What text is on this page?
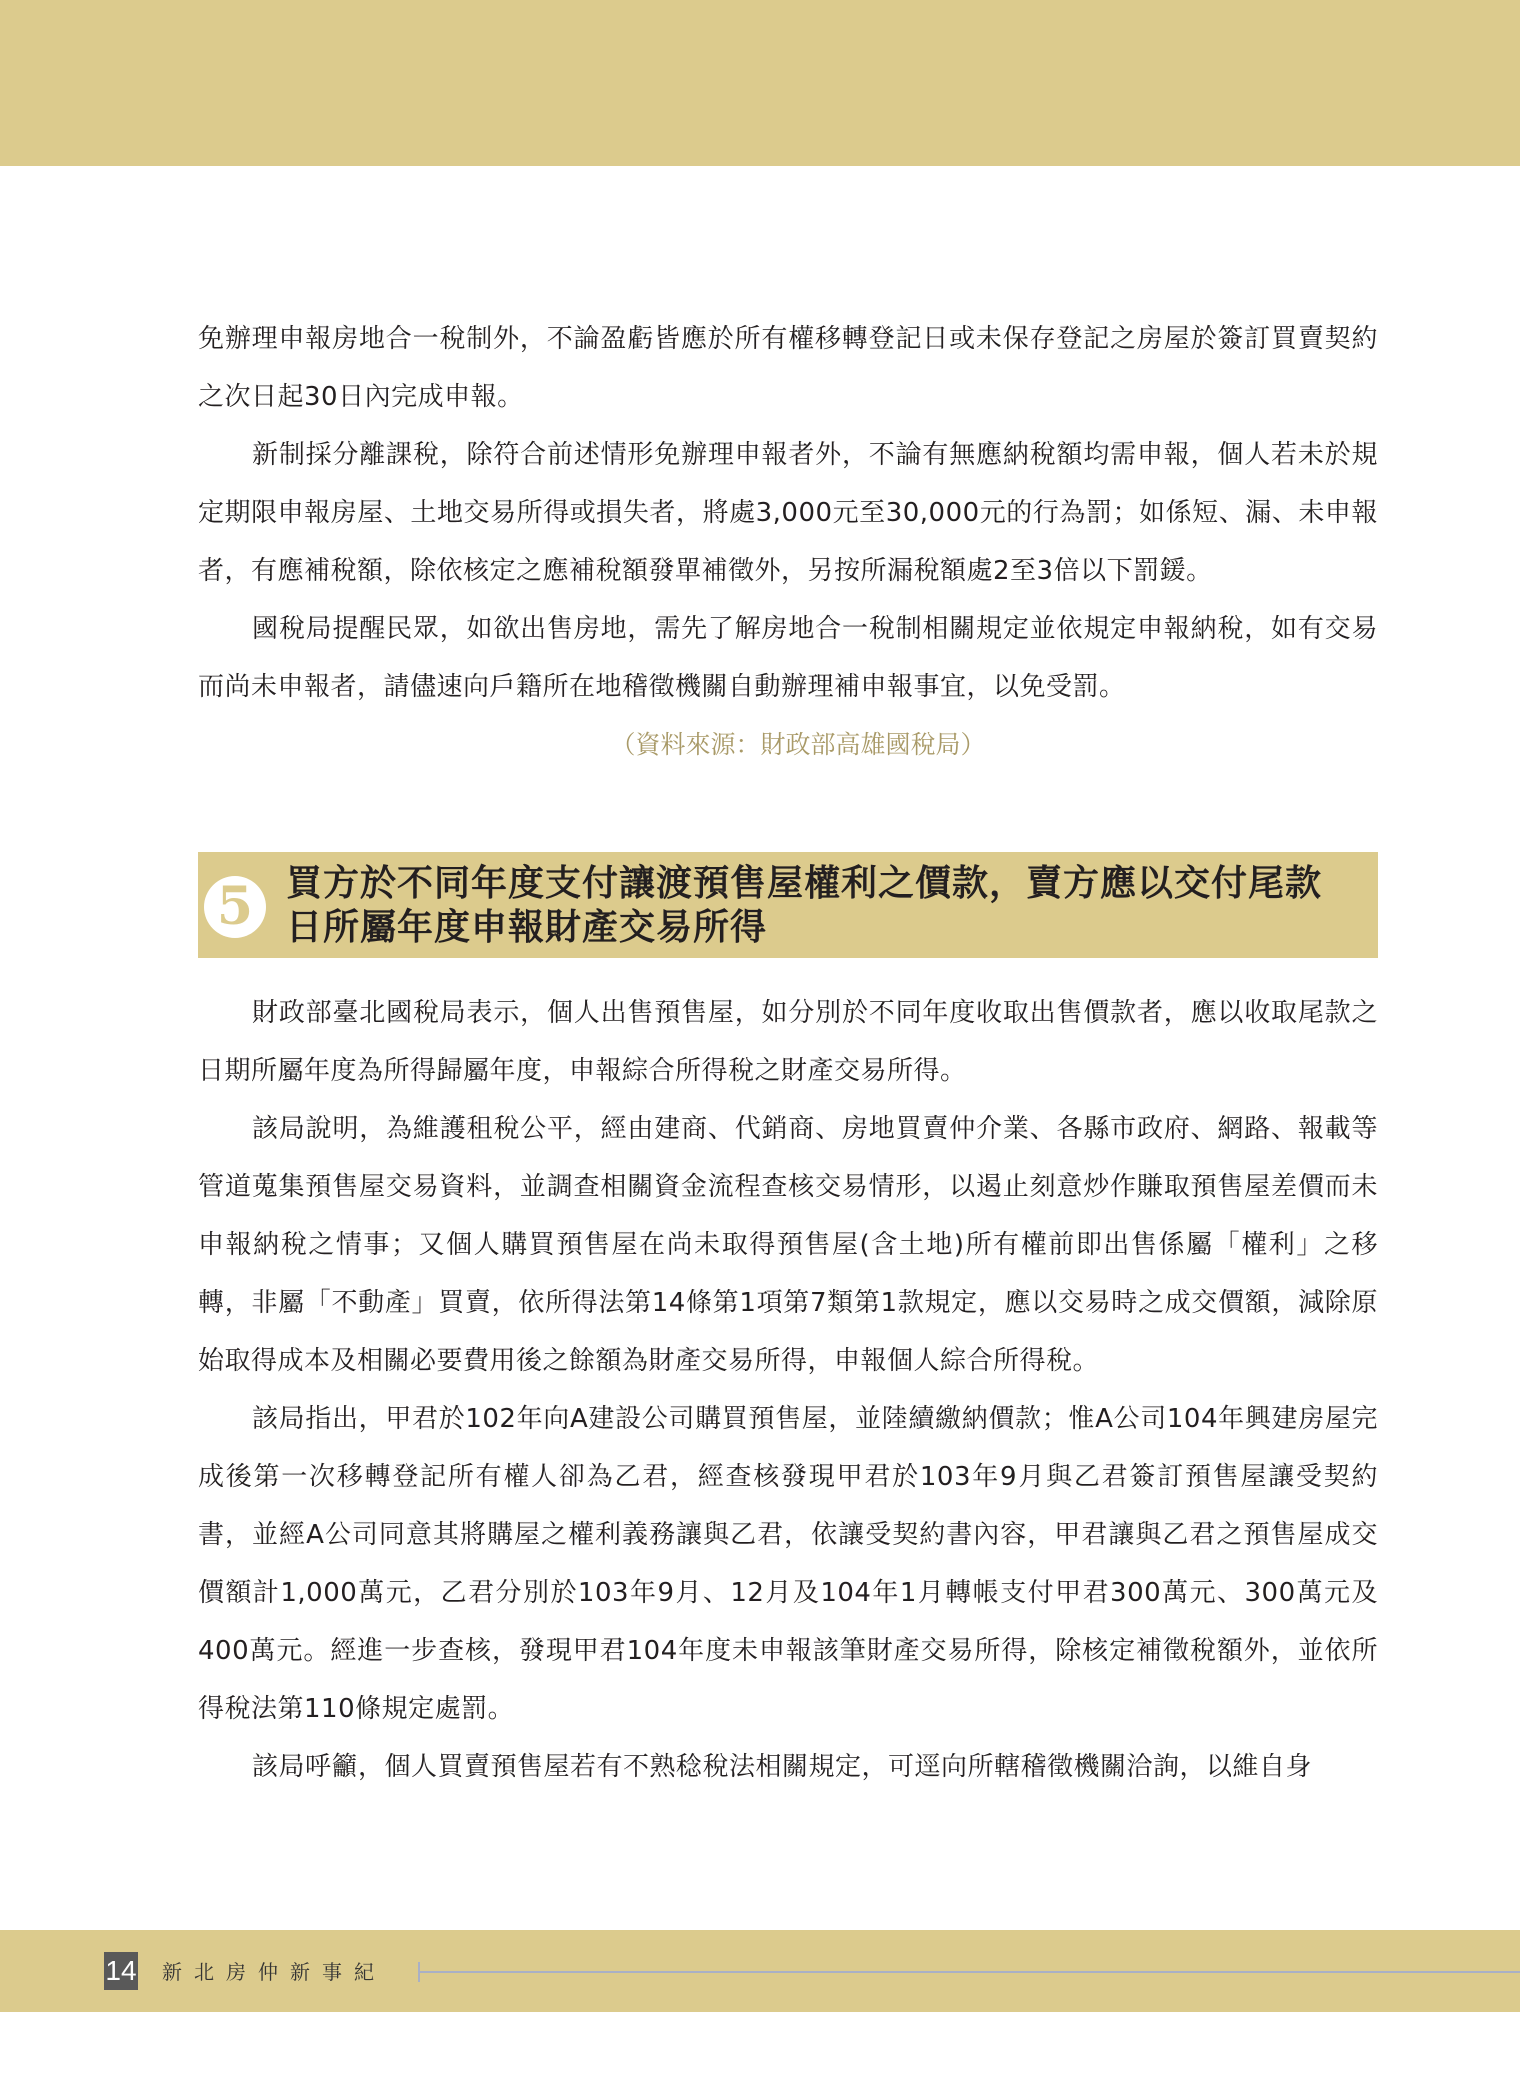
免辦理申報房地合一稅制外，不論盈虧皆應於所有權移轉登記日或未保存登記之房屋於簽訂買賣契約之次日起30日內完成申報。

新制採分離課稅，除符合前述情形免辦理申報者外，不論有無應納稅額均需申報，個人若未於規定期限申報房屋、土地交易所得或損失者，將處3,000元至30,000元的行為罰；如係短、漏、未申報者，有應補稅額，除依核定之應補稅額發單補徵外，另按所漏稅額處2至3倍以下罰鍰。

國稅局提醒民眾，如欲出售房地，需先了解房地合一稅制相關規定並依規定申報納稅，如有交易而尚未申報者，請儘速向戶籍所在地稽徵機關自動辦理補申報事宜，以免受罰。

（資料來源：財政部高雄國稅局）

5 買方於不同年度支付讓渡預售屋權利之價款，賣方應以交付尾款日所屬年度申報財產交易所得

財政部臺北國稅局表示，個人出售預售屋，如分別於不同年度收取出售價款者，應以收取尾款之日期所屬年度為所得歸屬年度，申報綜合所得稅之財產交易所得。

該局說明，為維護租稅公平，經由建商、代銷商、房地買賣仲介業、各縣市政府、網路、報載等管道蒐集預售屋交易資料，並調查相關資金流程查核交易情形，以遏止刻意炒作賺取預售屋差價而未申報納稅之情事；又個人購買預售屋在尚未取得預售屋(含土地)所有權前即出售係屬「權利」之移轉，非屬「不動產」買賣，依所得法第14條第1項第7類第1款規定，應以交易時之成交價額，減除原始取得成本及相關必要費用後之餘額為財產交易所得，申報個人綜合所得稅。

該局指出，甲君於102年向A建設公司購買預售屋，並陸續繳納價款；惟A公司104年興建房屋完成後第一次移轉登記所有權人卻為乙君，經查核發現甲君於103年9月與乙君簽訂預售屋讓受契約書，並經A公司同意其將購屋之權利義務讓與乙君，依讓受契約書內容，甲君讓與乙君之預售屋成交價額計1,000萬元，乙君分別於103年9月、12月及104年1月轉帳支付甲君300萬元、300萬元及400萬元。經進一步查核，發現甲君104年度未申報該筆財產交易所得，除核定補徵稅額外，並依所得稅法第110條規定處罰。

該局呼籲，個人買賣預售屋若有不熟稔稅法相關規定，可逕向所轄稽徵機關洽詢，以維自身

14 新北房仲新事紀
